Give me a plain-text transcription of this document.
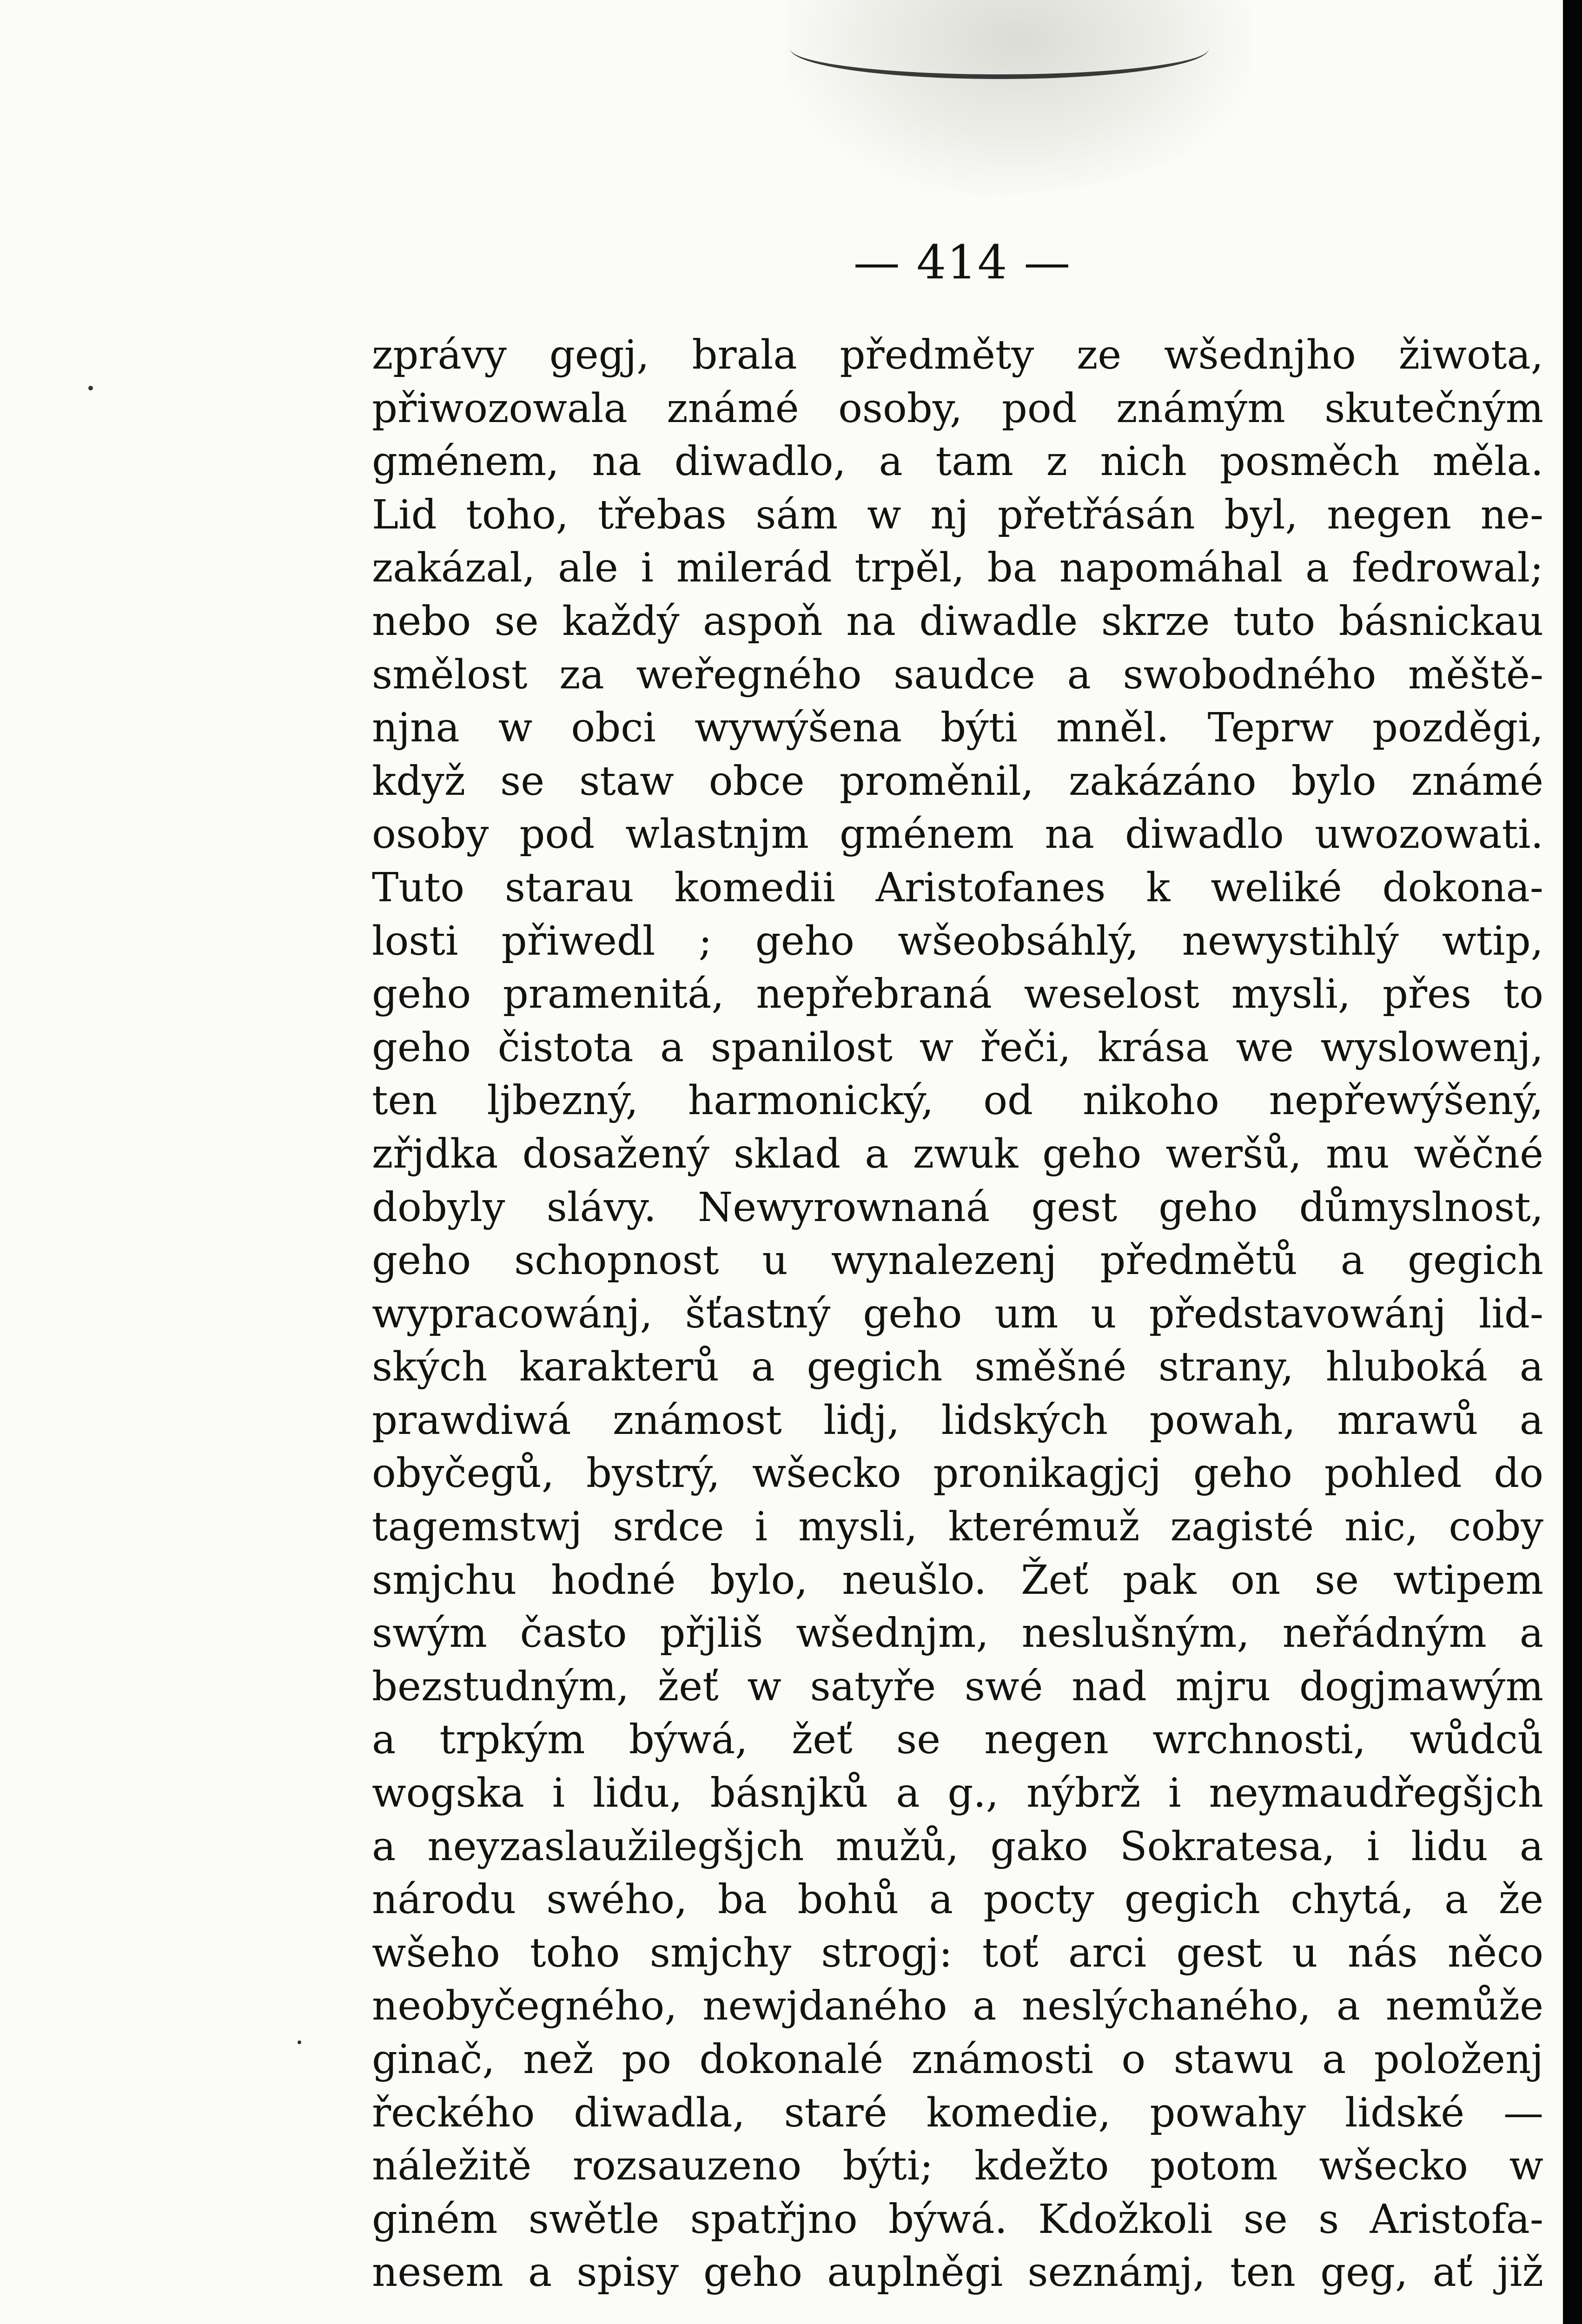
— 414 —
zprávy gegj, brala předměty ze wšednjho žiwota,
přiwozowala známé osoby, pod známým skutečným
gménem, na diwadlo, a tam z nich posměch měla.
Lid toho, třebas sám w nj přetřásán byl, negen ne-
zakázal, ale i milerád trpěl, ba napomáhal a fedrowal;
nebo se každý aspoň na diwadle skrze tuto básnickau
smělost za weřegného saudce a swobodného měště-
njna w obci wywýšena býti mněl. Teprw pozděgi,
když se staw obce proměnil, zakázáno bylo známé
osoby pod wlastnjm gménem na diwadlo uwozowati.
Tuto starau komedii Aristofanes k weliké dokona-
losti přiwedl ; geho wšeobsáhlý, newystihlý wtip,
geho pramenitá, nepřebraná weselost mysli, přes to
geho čistota a spanilost w řeči, krása we wyslowenj,
ten ljbezný, harmonický, od nikoho nepřewýšený,
zřjdka dosažený sklad a zwuk geho weršů, mu wěčné
dobyly slávy. Newyrownaná gest geho důmyslnost,
geho schopnost u wynalezenj předmětů a gegich
wypracowánj, šťastný geho um u představowánj lid-
ských karakterů a gegich směšné strany, hluboká a
prawdiwá známost lidj, lidských powah, mrawů a
obyčegů, bystrý, wšecko pronikagjcj geho pohled do
tagemstwj srdce i mysli, kterémuž zagisté nic, coby
smjchu hodné bylo, neušlo. Žeť pak on se wtipem
swým často přjliš wšednjm, neslušným, neřádným a
bezstudným, žeť w satyře swé nad mjru dogjmawým
a trpkým býwá, žeť se negen wrchnosti, wůdců
wogska i lidu, básnjků a g., nýbrž i neymaudřegšjch
a neyzaslaužilegšjch mužů, gako Sokratesa, i lidu a
národu swého, ba bohů a pocty gegich chytá, a že
wšeho toho smjchy strogj: toť arci gest u nás něco
neobyčegného, newjdaného a neslýchaného, a nemůže
ginač, než po dokonalé známosti o stawu a položenj
řeckého diwadla, staré komedie, powahy lidské —
náležitě rozsauzeno býti; kdežto potom wšecko w
giném swětle spatřjno býwá. Kdožkoli se s Aristofa-
nesem a spisy geho auplněgi seznámj, ten geg, ať již
